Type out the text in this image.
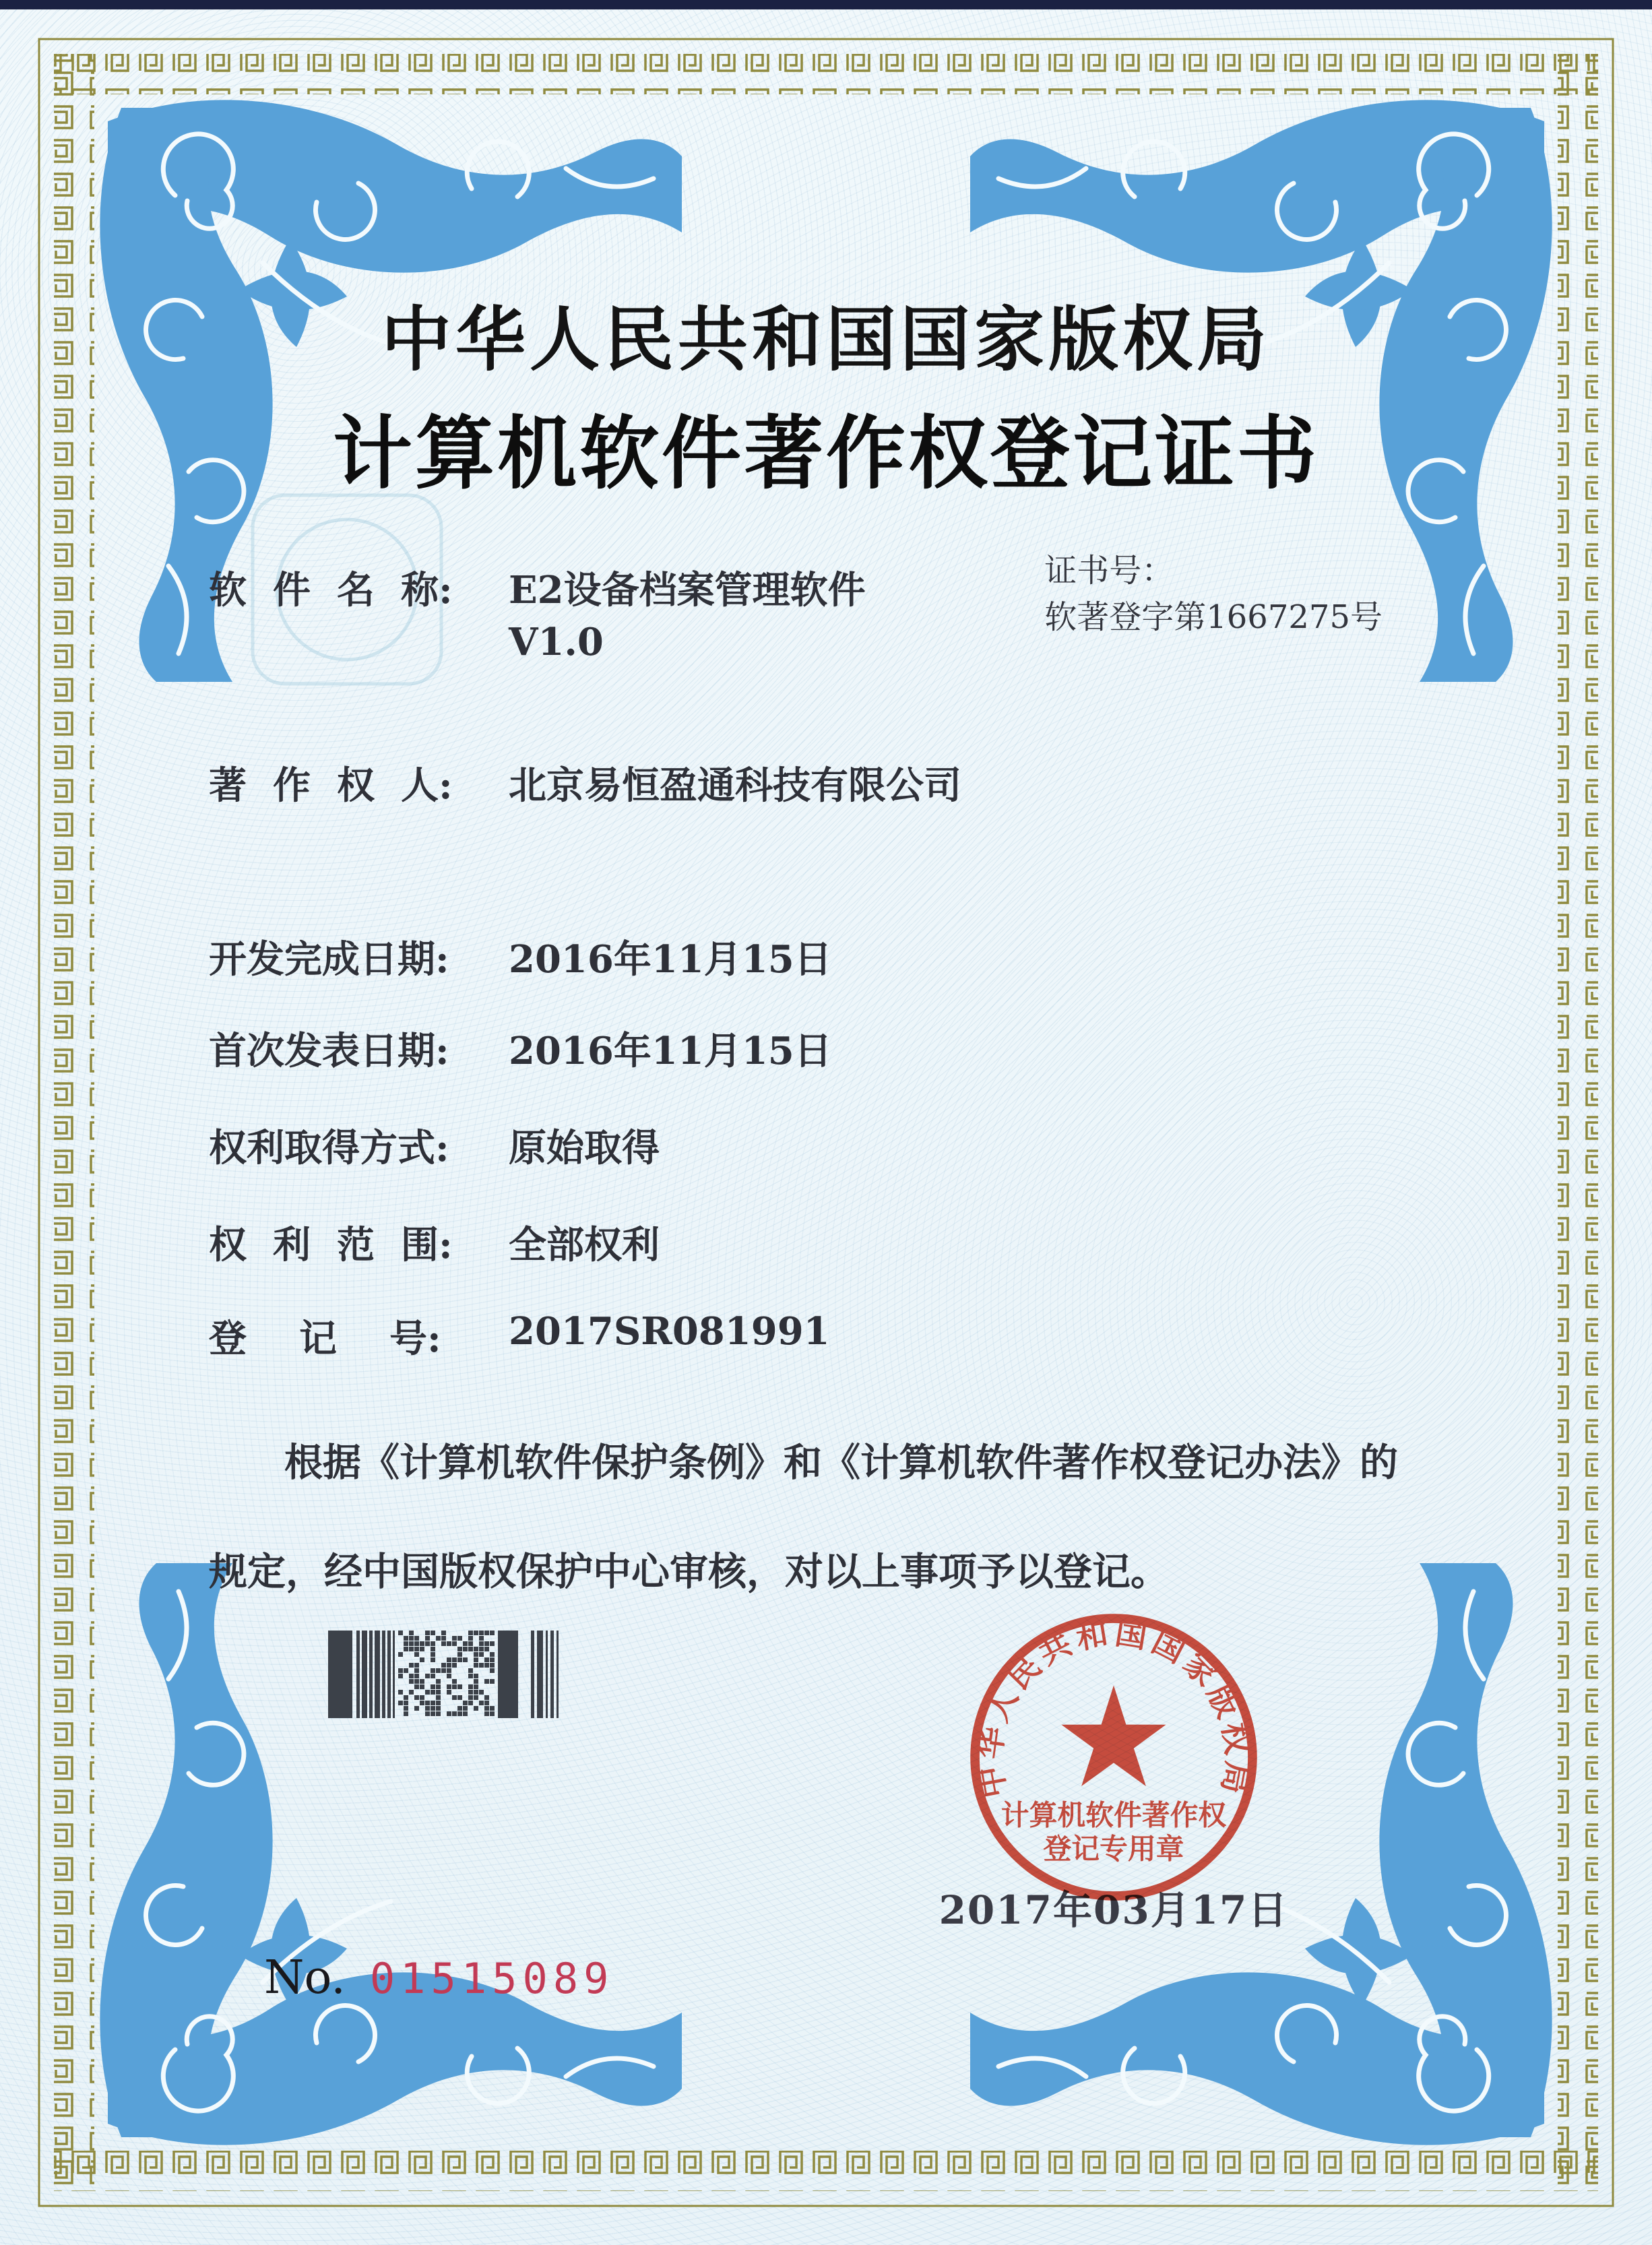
中华人民共和国国家版权局
计算机软件著作权登记证书

证书号：
软著登字第1667275号

软  件  名  称:	E2设备档案管理软件
V1.0
著  作  权  人:	北京易恒盈通科技有限公司
开发完成日期:	2016年11月15日
首次发表日期:	2016年11月15日
权利取得方式:	原始取得
权  利  范  围:	全部权利
登    记    号:	2017SR081991
根据《计算机软件保护条例》和《计算机软件著作权登记办法》的
规定，经中国版权保护中心审核，对以上事项予以登记。
2017年03月17日
中华人民共和国国家版权局
计算机软件著作权
登记专用章
No. 01515089
